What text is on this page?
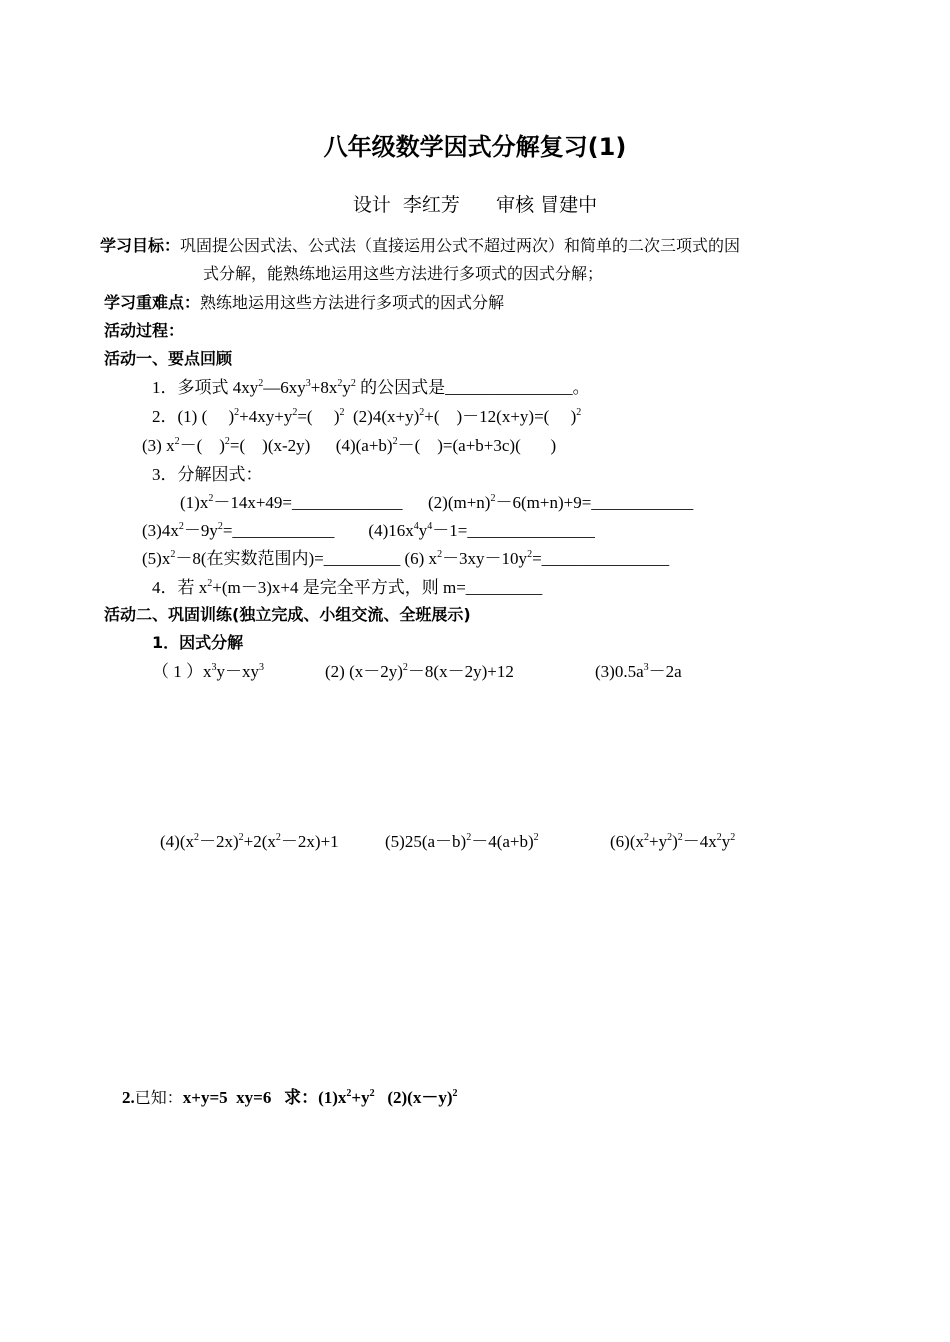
八年级数学因式分解复习(1)
设计  李红芳      审核 冒建中
学习目标：巩固提公因式法、公式法（直接运用公式不超过两次）和简单的二次三项式的因
式分解，能熟练地运用这些方法进行多项式的因式分解；
学习重难点：熟练地运用这些方法进行多项式的因式分解
活动过程：
活动一、要点回顾
1．多项式 $4xy^2—6xy^3+8x^2y^2$ 的公因式是_______________。
2．(1) (     )$^2+4xy+y^2=$(     )$^2$  $(2)4(x+y)^2+$(    )－12(x+y)=(     )$^2$
(3) $x^2-$(    )$^2$=(    )(x-2y)      $(4)(a+b)^2-$(    )=(a+b+3c)(       )
3．分解因式：
$(1)x^2-14x+49=\_\_\_\_\_\_\_\_\_\_\_\_\_$      $(2)(m+n)^2-6(m+n)+9=\_\_\_\_\_\_\_\_\_\_\_\_$
$(3)4x^2-9y^2=\_\_\_\_\_\_\_\_\_\_\_\_$        $(4)16x^4y^4-1=\_\_\_\_\_\_\_\_\_\_\_\_\_\_\_$
$(5)x^2-8$(在实数范围内)=_________ (6) $x^2-3xy-10y^2=\_\_\_\_\_\_\_\_\_\_\_\_\_\_\_$
4．若 $x^2+(m-3)x+4$ 是完全平方式，则 m=_________
活动二、巩固训练(独立完成、小组交流、全班展示)
1．因式分解
（ 1 ）$x^3y-xy^3$	(2) $(x-2y)^2-8(x-2y)+12$	$(3)0.5a^3-2a$
$(4)(x^2-2x)^2+2(x^2-2x)+1$	$(5)25(a-b)^2-4(a+b)^2$	$(6)(x^2+y^2)^2-4x^2y^2$
2.已知：x+y=5  xy=6   求：$(1)x^2+y^2$   $(2)(x-y)^2$
